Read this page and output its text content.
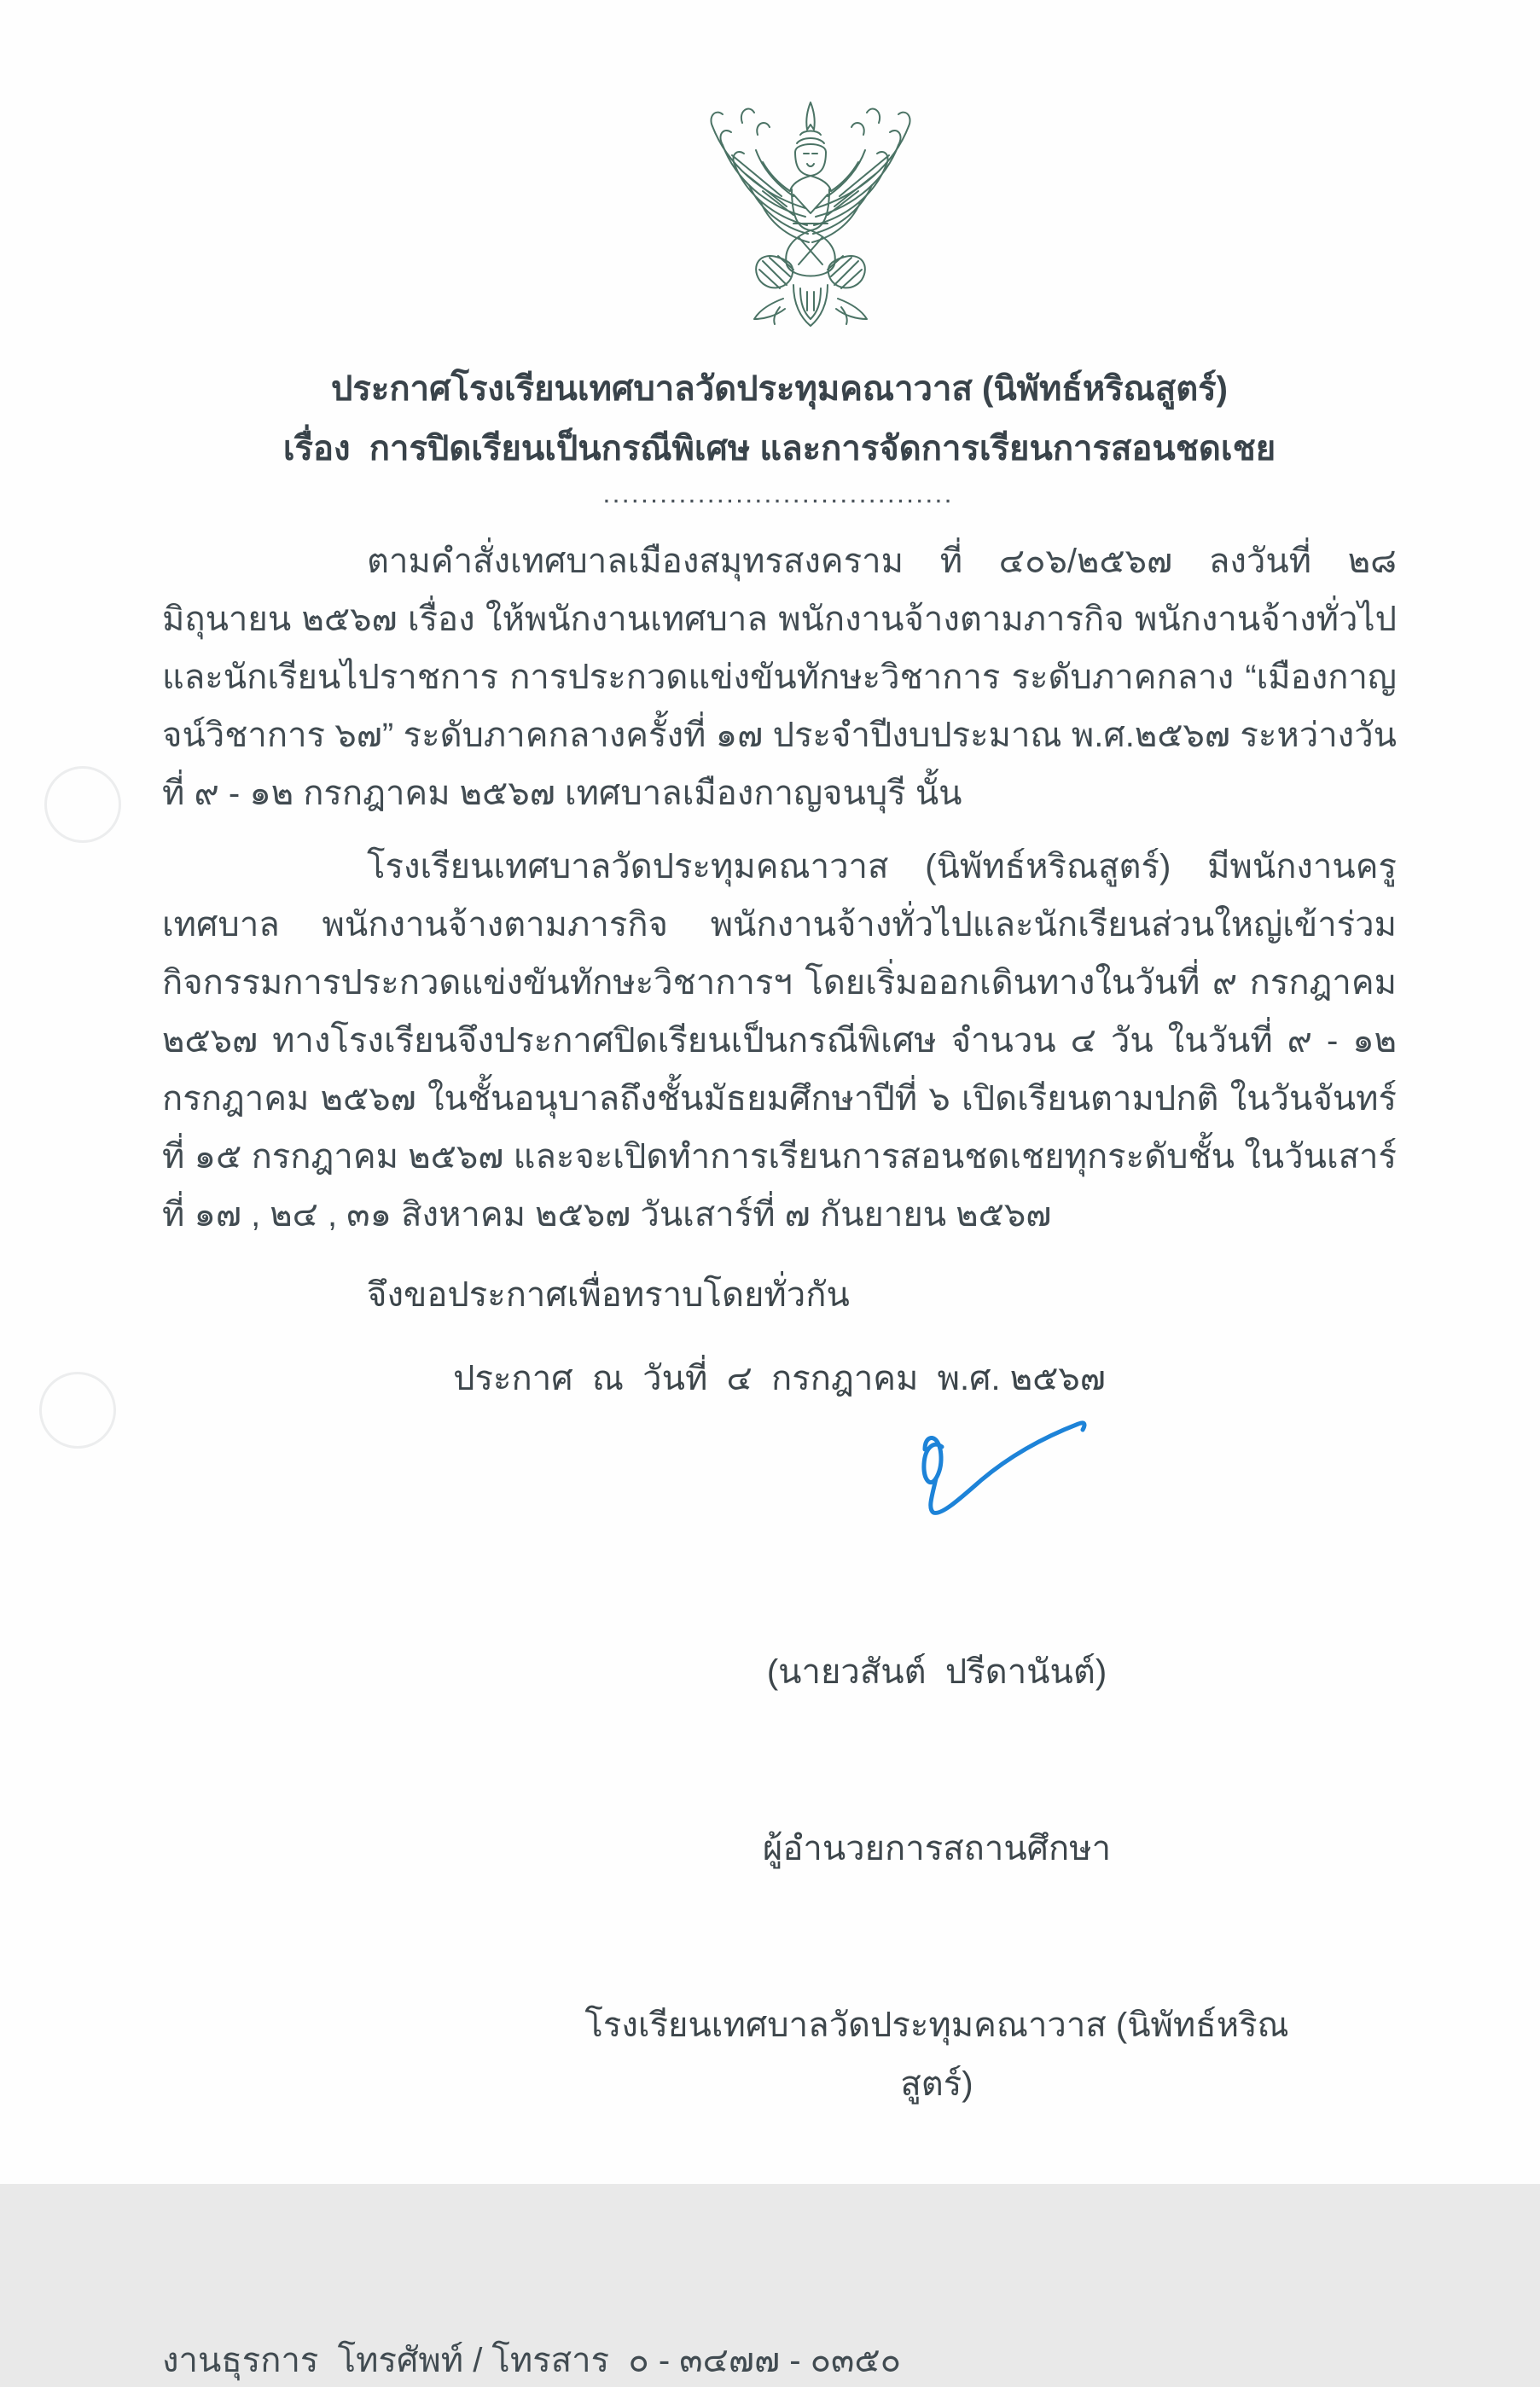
ประกาศโรงเรียนเทศบาลวัดประทุมคณาวาส (นิพัทธ์หริณสูตร์)
เรื่อง  การปิดเรียนเป็นกรณีพิเศษ และการจัดการเรียนการสอนชดเชย
.....................................

ตามคำสั่งเทศบาลเมืองสมุทรสงคราม ที่ ๔๐๖/๒๕๖๗ ลงวันที่ ๒๘ มิถุนายน ๒๕๖๗ เรื่อง ให้พนักงานเทศบาล พนักงานจ้างตามภารกิจ พนักงานจ้างทั่วไปและนักเรียนไปราชการ การประกวดแข่งขันทักษะวิชาการ ระดับภาคกลาง “เมืองกาญจน์วิชาการ ๖๗” ระดับภาคกลางครั้งที่ ๑๗ ประจำปีงบประมาณ พ.ศ.๒๕๖๗ ระหว่างวันที่ ๙ - ๑๒ กรกฎาคม ๒๕๖๗ เทศบาลเมืองกาญจนบุรี นั้น

โรงเรียนเทศบาลวัดประทุมคณาวาส (นิพัทธ์หริณสูตร์) มีพนักงานครูเทศบาล พนักงานจ้างตามภารกิจ พนักงานจ้างทั่วไปและนักเรียนส่วนใหญ่เข้าร่วมกิจกรรมการประกวดแข่งขันทักษะวิชาการฯ โดยเริ่มออกเดินทางในวันที่ ๙ กรกฎาคม ๒๕๖๗ ทางโรงเรียนจึงประกาศปิดเรียนเป็นกรณีพิเศษ จำนวน ๔ วัน ในวันที่ ๙ - ๑๒ กรกฎาคม ๒๕๖๗ ในชั้นอนุบาลถึงชั้นมัธยมศึกษาปีที่ ๖ เปิดเรียนตามปกติ ในวันจันทร์ที่ ๑๕ กรกฎาคม ๒๕๖๗ และจะเปิดทำการเรียนการสอนชดเชยทุกระดับชั้น ในวันเสาร์ที่ ๑๗ , ๒๔ , ๓๑ สิงหาคม ๒๕๖๗ วันเสาร์ที่ ๗ กันยายน ๒๕๖๗

จึงขอประกาศเพื่อทราบโดยทั่วกัน
ประกาศ  ณ  วันที่  ๔  กรกฎาคม  พ.ศ. ๒๕๖๗

(นายวสันต์  ปรีดานันต์)

ผู้อำนวยการสถานศึกษา

โรงเรียนเทศบาลวัดประทุมคณาวาส (นิพัทธ์หริณสูตร์)

งานธุรการ  โทรศัพท์ / โทรสาร  ๐ - ๓๔๗๗ - ๐๓๕๐
